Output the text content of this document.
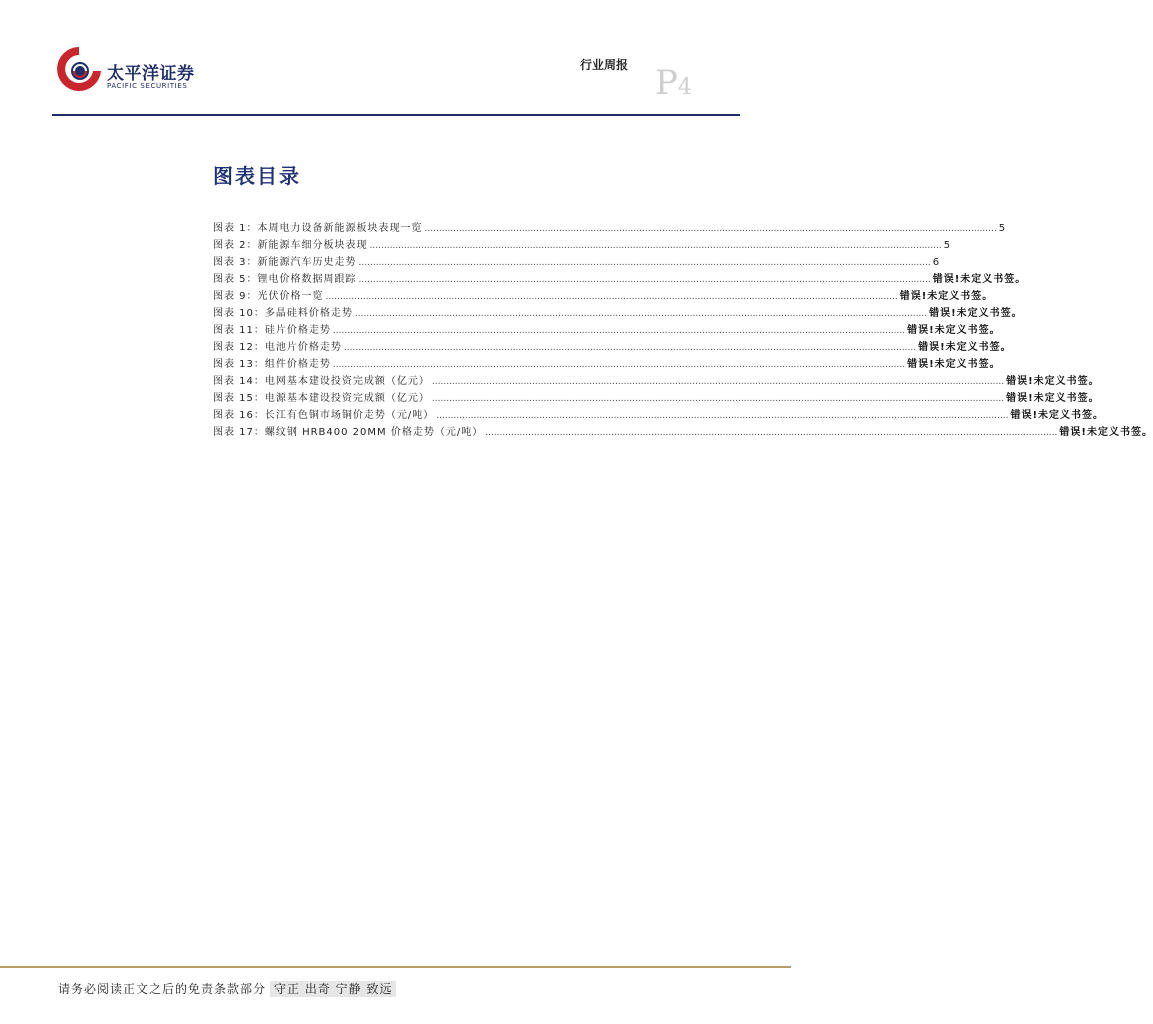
太平洋证券
PACIFIC SECURITIES
行业周报 P4
图表目录
图表 1：本周电力设备新能源板块表现一览 ........................................................................................................................................................................................................ 5
图表 2：新能源车细分板块表现 ........................................................................................................................................................................................................ 5
图表 3：新能源汽车历史走势 ........................................................................................................................................................................................................ 6
图表 5：锂电价格数据周跟踪 ........................................................................................................................................................................................................ 错误!未定义书签。
图表 9：光伏价格一览 ........................................................................................................................................................................................................ 错误!未定义书签。
图表 10：多晶硅料价格走势 ........................................................................................................................................................................................................ 错误!未定义书签。
图表 11：硅片价格走势 ........................................................................................................................................................................................................ 错误!未定义书签。
图表 12：电池片价格走势 ........................................................................................................................................................................................................ 错误!未定义书签。
图表 13：组件价格走势 ........................................................................................................................................................................................................ 错误!未定义书签。
图表 14：电网基本建设投资完成额（亿元） ........................................................................................................................................................................................................ 错误!未定义书签。
图表 15：电源基本建设投资完成额（亿元） ........................................................................................................................................................................................................ 错误!未定义书签。
图表 16：长江有色铜市场铜价走势（元/吨） ........................................................................................................................................................................................................ 错误!未定义书签。
图表 17：螺纹钢 HRB400 20MM 价格走势（元/吨） ........................................................................................................................................................................................................ 错误!未定义书签。
请务必阅读正文之后的免责条款部分 守正 出奇 宁静 致远
